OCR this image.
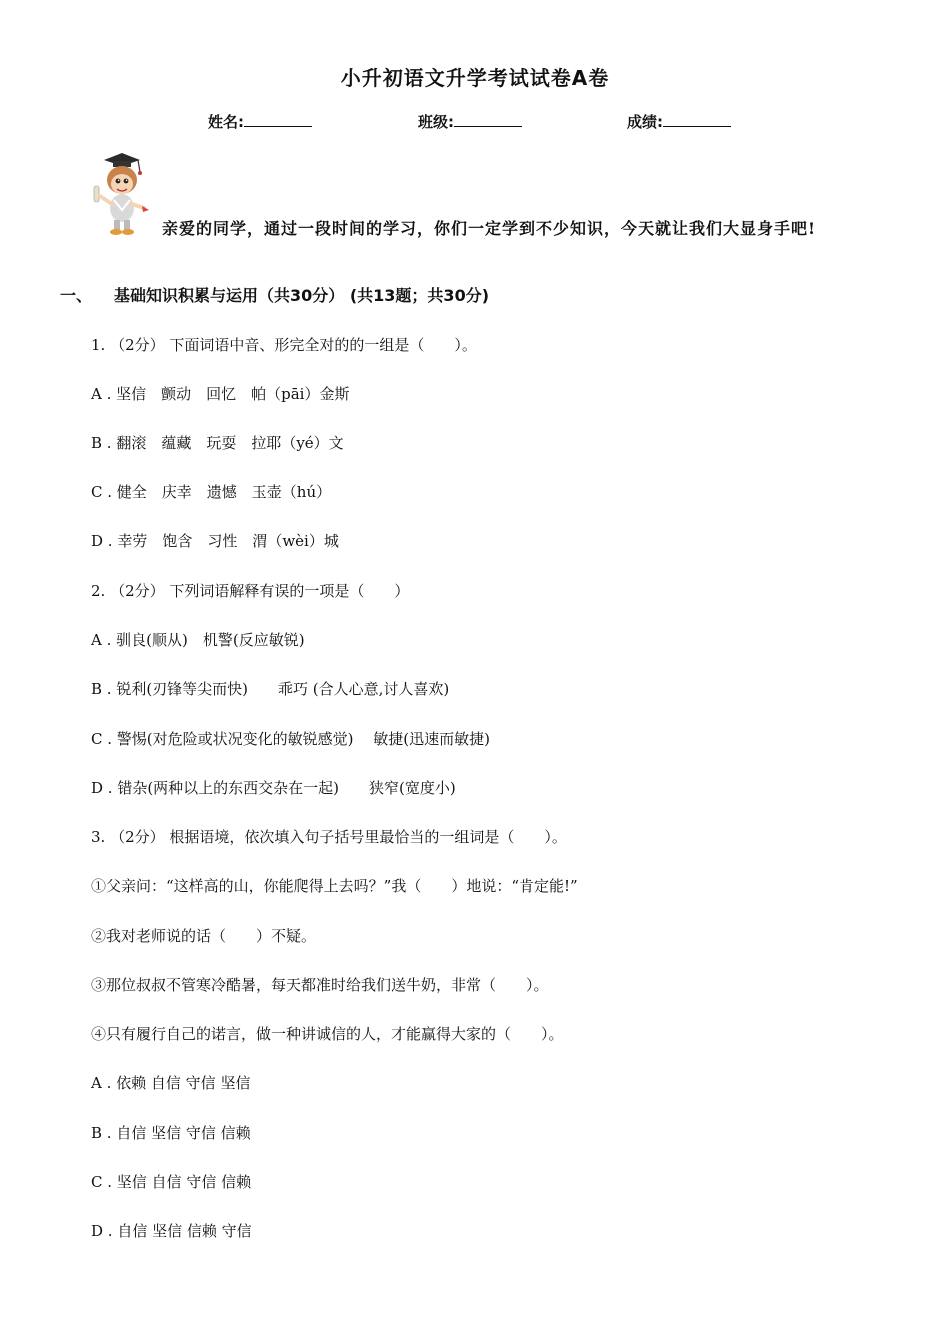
小升初语文升学考试试卷A卷
姓名:	班级:	成绩:
亲爱的同学，通过一段时间的学习，你们一定学到不少知识，今天就让我们大显身手吧!
一、 基础知识积累与运用（共30分） (共13题；共30分)
1. （2分） 下面词语中音、形完全对的的一组是（　　）。
A . 坚信　颤动　回忆　帕（pāi）金斯
B . 翻滚　蕴藏　玩耍　拉耶（yé）文
C . 健全　庆幸　遗憾　玉壶（hú）
D . 幸劳　饱含　习性　渭（wèi）城
2. （2分） 下列词语解释有误的一项是（　　）
A . 驯良(顺从)　机警(反应敏锐)
B . 锐利(刃锋等尖而快)　　乖巧 (合人心意,讨人喜欢)
C . 警惕(对危险或状况变化的敏锐感觉)　 敏捷(迅速而敏捷)
D . 错杂(两种以上的东西交杂在一起)　　狭窄(宽度小)
3. （2分） 根据语境，依次填入句子括号里最恰当的一组词是（　　）。
①父亲问：“这样高的山，你能爬得上去吗？”我（　　）地说：“肯定能!”
②我对老师说的话（　　）不疑。
③那位叔叔不管寒冷酷暑，每天都准时给我们送牛奶，非常（　　）。
④只有履行自己的诺言，做一种讲诚信的人，才能赢得大家的（　　）。
A . 依赖 自信 守信 坚信
B . 自信 坚信 守信 信赖
C . 坚信 自信 守信 信赖
D . 自信 坚信 信赖 守信
